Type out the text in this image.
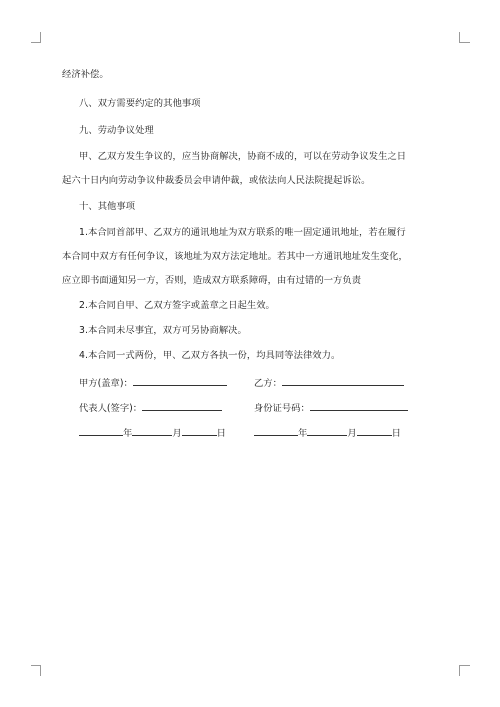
经济补偿。
八、双方需要约定的其他事项
九、劳动争议处理
甲、乙双方发生争议的，应当协商解决，协商不成的，可以在劳动争议发生之日
起六十日内向劳动争议仲裁委员会申请仲裁，或依法向人民法院提起诉讼。
十、其他事项
1.本合同首部甲、乙双方的通讯地址为双方联系的唯一固定通讯地址，若在履行
本合同中双方有任何争议，该地址为双方法定地址。若其中一方通讯地址发生变化，
应立即书面通知另一方，否则，造成双方联系障碍，由有过错的一方负责
2.本合同自甲、乙双方签字或盖章之日起生效。
3.本合同未尽事宜，双方可另协商解决。
4.本合同一式两份，甲、乙双方各执一份，均具同等法律效力。
甲方(盖章)：	乙方：
代表人(签字)：	身份证号码：
年	月	日	年	月	日
